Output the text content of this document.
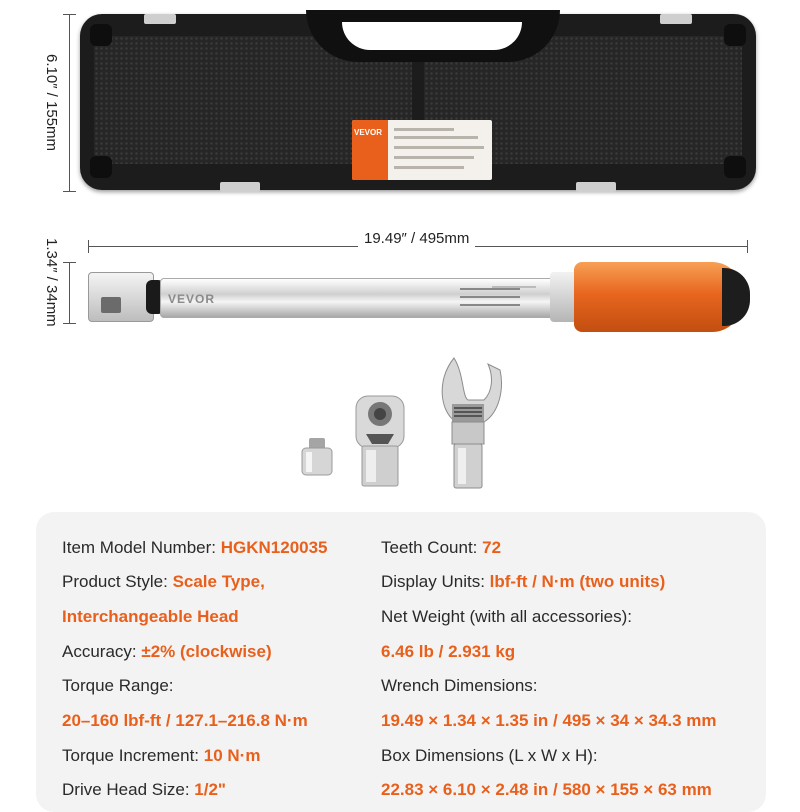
6.10″ / 155mm	VEVOR
19.49″ / 495mm
1.34″ / 34mm	VEVOR
Item Model Number: HGKN120035
Product Style: Scale Type,
Interchangeable Head
Accuracy: ±2% (clockwise)
Torque Range:
20–160 lbf-ft / 127.1–216.8 N·m
Torque Increment: 10 N·m
Drive Head Size: 1/2"
Teeth Count: 72
Display Units: lbf-ft / N·m (two units)
Net Weight (with all accessories):
6.46 lb / 2.931 kg
Wrench Dimensions:
19.49 × 1.34 × 1.35 in / 495 × 34 × 34.3 mm
Box Dimensions (L x W x H):
22.83 × 6.10 × 2.48 in / 580 × 155 × 63 mm
